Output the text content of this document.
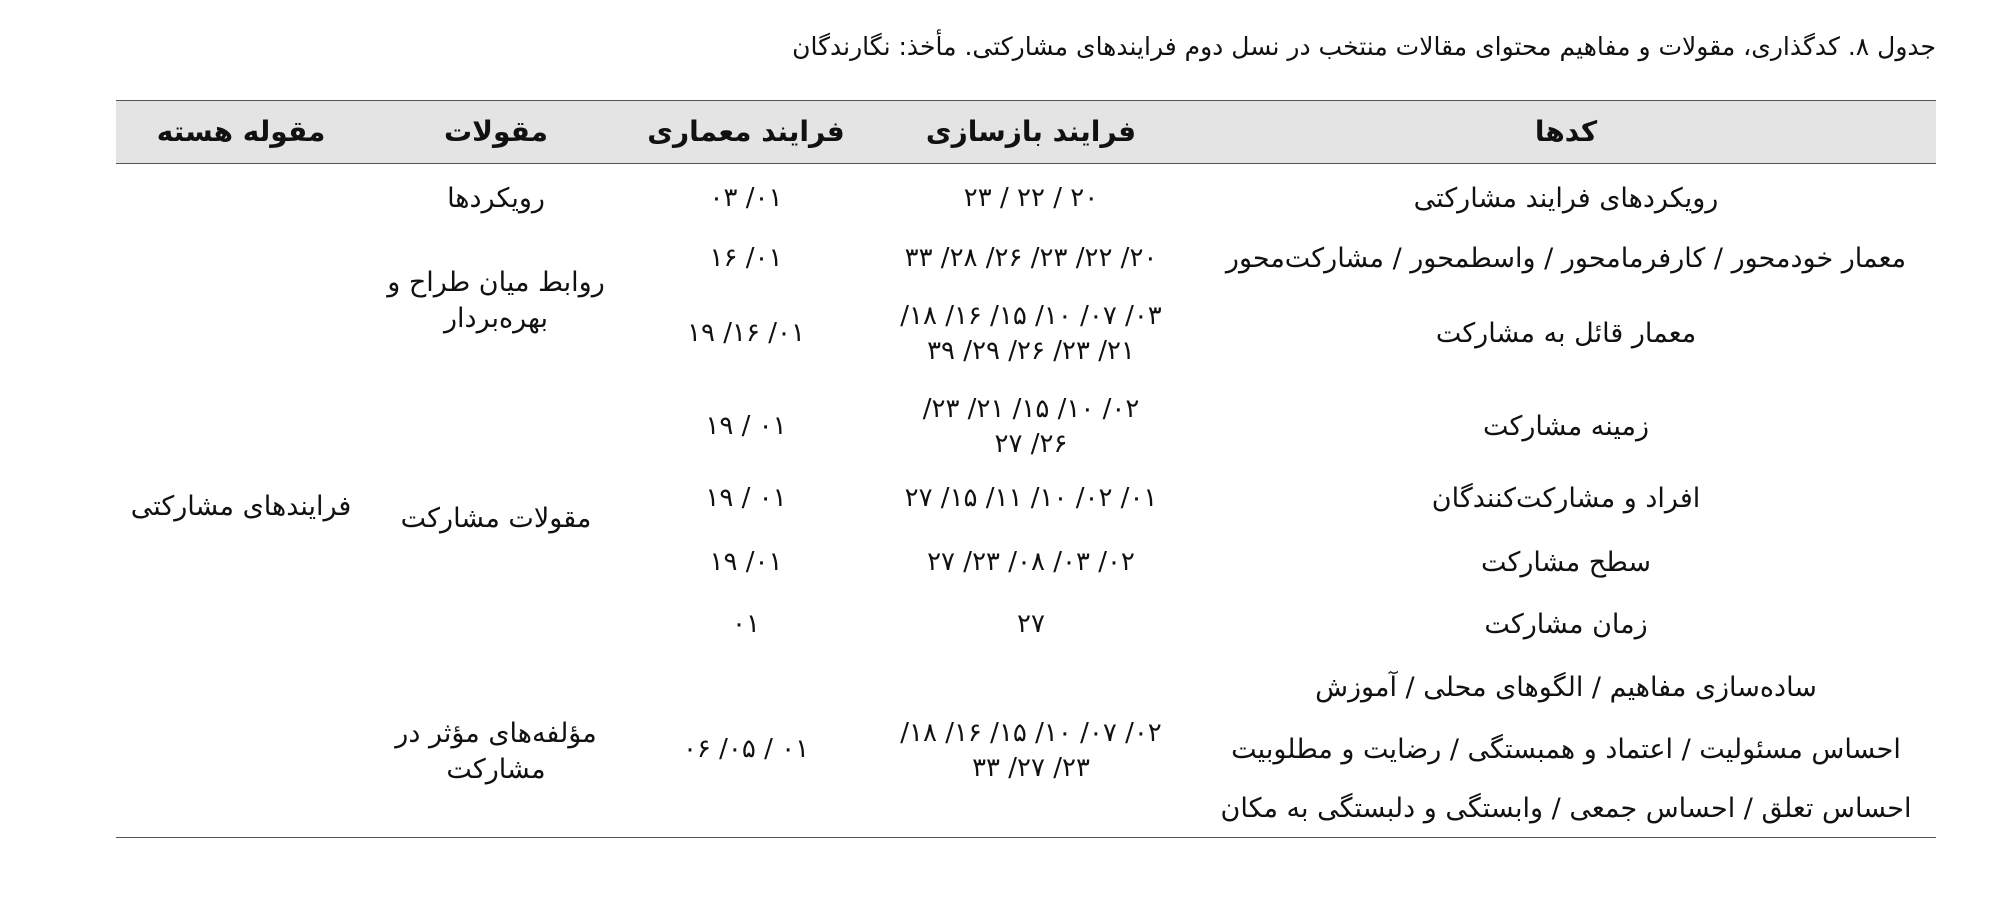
جدول ۸. کدگذاری، مقولات و مفاهیم محتوای مقالات منتخب در نسل دوم فرایندهای مشارکتی. مأخذ: نگارندگان
کدها
فرایند بازسازی
فرایند معماری
مقولات
مقوله هسته
رویکردهای فرایند مشارکتی
۲۰ / ۲۲ / ۲۳
۰۱/ ۰۳
معمار خودمحور / کارفرمامحور / واسطمحور / مشارکت‌محور
۲۰/ ۲۲/ ۲۳/ ۲۶/ ۲۸/ ۳۳
۰۱/ ۱۶
معمار قائل به مشارکت
۰۳/ ۰۷/ ۱۰/ ۱۵/ ۱۶/ ۱۸/
۲۱/ ۲۳/ ۲۶/ ۲۹/ ۳۹
۰۱/ ۱۶/ ۱۹
زمینه مشارکت
۰۲/ ۱۰/ ۱۵/ ۲۱/ ۲۳/
۲۶/ ۲۷
۰۱ / ۱۹
افراد و مشارکت‌کنندگان
۰۱/ ۰۲/ ۱۰/ ۱۱/ ۱۵/ ۲۷
۰۱ / ۱۹
سطح مشارکت
۰۲/ ۰۳/ ۰۸/ ۲۳/ ۲۷
۰۱/ ۱۹
زمان مشارکت
۲۷
۰۱
ساده‌سازی مفاهیم / الگوهای محلی / آموزش
احساس مسئولیت / اعتماد و همبستگی / رضایت و مطلوبیت
احساس تعلق / احساس جمعی / وابستگی و دلبستگی به مکان
۰۲/ ۰۷/ ۱۰/ ۱۵/ ۱۶/ ۱۸/
۲۳/ ۲۷/ ۳۳
۰۱ / ۰۵/ ۰۶
رویکردها
روابط میان طراح و
بهره‌بردار
مقولات مشارکت
مؤلفه‌های مؤثر در
مشارکت
فرایندهای مشارکتی
